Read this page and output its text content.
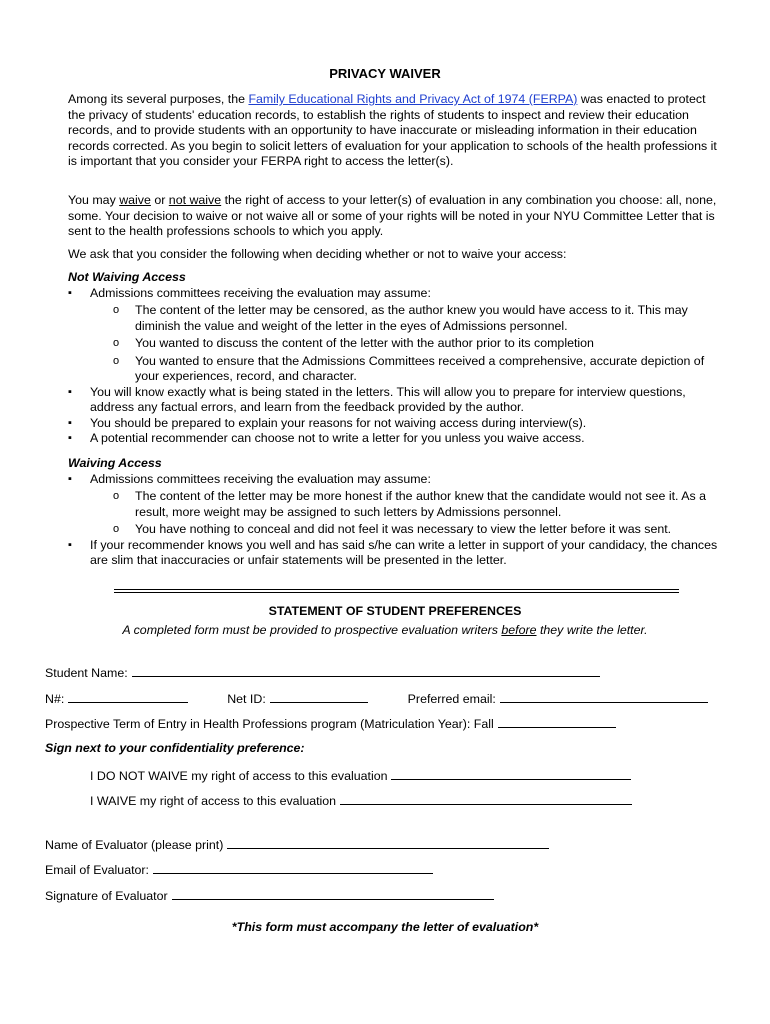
PRIVACY WAIVER
Among its several purposes, the Family Educational Rights and Privacy Act of 1974 (FERPA) was enacted to protect the privacy of students' education records, to establish the rights of students to inspect and review their education records, and to provide students with an opportunity to have inaccurate or misleading information in their education records corrected. As you begin to solicit letters of evaluation for your application to schools of the health professions it is important that you consider your FERPA right to access the letter(s).
You may waive or not waive the right of access to your letter(s) of evaluation in any combination you choose: all, none, some. Your decision to waive or not waive all or some of your rights will be noted in your NYU Committee Letter that is sent to the health professions schools to which you apply.
We ask that you consider the following when deciding whether or not to waive your access:
Not Waiving Access
▪ Admissions committees receiving the evaluation may assume:
o The content of the letter may be censored, as the author knew you would have access to it. This may diminish the value and weight of the letter in the eyes of Admissions personnel.
o You wanted to discuss the content of the letter with the author prior to its completion
o You wanted to ensure that the Admissions Committees received a comprehensive, accurate depiction of your experiences, record, and character.
▪ You will know exactly what is being stated in the letters. This will allow you to prepare for interview questions, address any factual errors, and learn from the feedback provided by the author.
▪ You should be prepared to explain your reasons for not waiving access during interview(s).
▪ A potential recommender can choose not to write a letter for you unless you waive access.
Waiving Access
▪ Admissions committees receiving the evaluation may assume:
o The content of the letter may be more honest if the author knew that the candidate would not see it. As a result, more weight may be assigned to such letters by Admissions personnel.
o You have nothing to conceal and did not feel it was necessary to view the letter before it was sent.
▪ If your recommender knows you well and has said s/he can write a letter in support of your candidacy, the chances are slim that inaccuracies or unfair statements will be presented in the letter.
STATEMENT OF STUDENT PREFERENCES
A completed form must be provided to prospective evaluation writers before they write the letter.
Student Name:
N#:	Net ID:	Preferred email:
Prospective Term of Entry in Health Professions program (Matriculation Year): Fall
Sign next to your confidentiality preference:
I DO NOT WAIVE my right of access to this evaluation
I WAIVE my right of access to this evaluation
Name of Evaluator (please print)
Email of Evaluator:
Signature of Evaluator
*This form must accompany the letter of evaluation*
